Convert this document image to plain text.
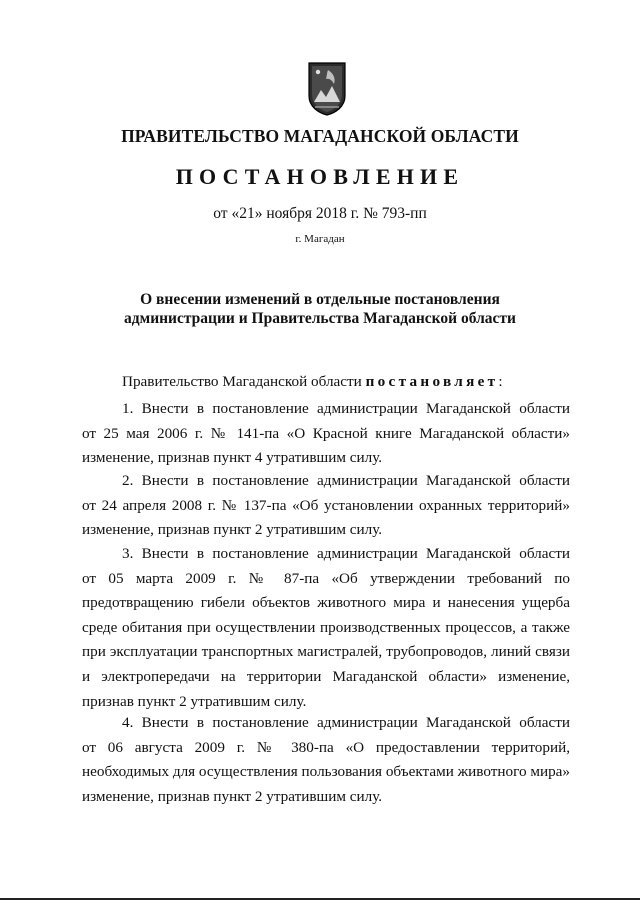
ПРАВИТЕЛЬСТВО МАГАДАНСКОЙ ОБЛАСТИ
ПОСТАНОВЛЕНИЕ
от «21» ноября 2018 г. № 793-пп
г. Магадан
О внесении изменений в отдельные постановления
администрации и Правительства Магаданской области
Правительство Магаданской области постановляет:
1. Внести в постановление администрации Магаданской области
от 25 мая 2006 г. № 141-па «О Красной книге Магаданской области»
изменение, признав пункт 4 утратившим силу.
2. Внести в постановление администрации Магаданской области
от 24 апреля 2008 г. № 137-па «Об установлении охранных территорий»
изменение, признав пункт 2 утратившим силу.
3. Внести в постановление администрации Магаданской области
от 05 марта 2009 г. № 87-па «Об утверждении требований по
предотвращению гибели объектов животного мира и нанесения ущерба
среде обитания при осуществлении производственных процессов, а также
при эксплуатации транспортных магистралей, трубопроводов, линий связи
и электропередачи на территории Магаданской области» изменение,
признав пункт 2 утратившим силу.
4. Внести в постановление администрации Магаданской области
от 06 августа 2009 г. № 380-па «О предоставлении территорий,
необходимых для осуществления пользования объектами животного мира»
изменение, признав пункт 2 утратившим силу.
